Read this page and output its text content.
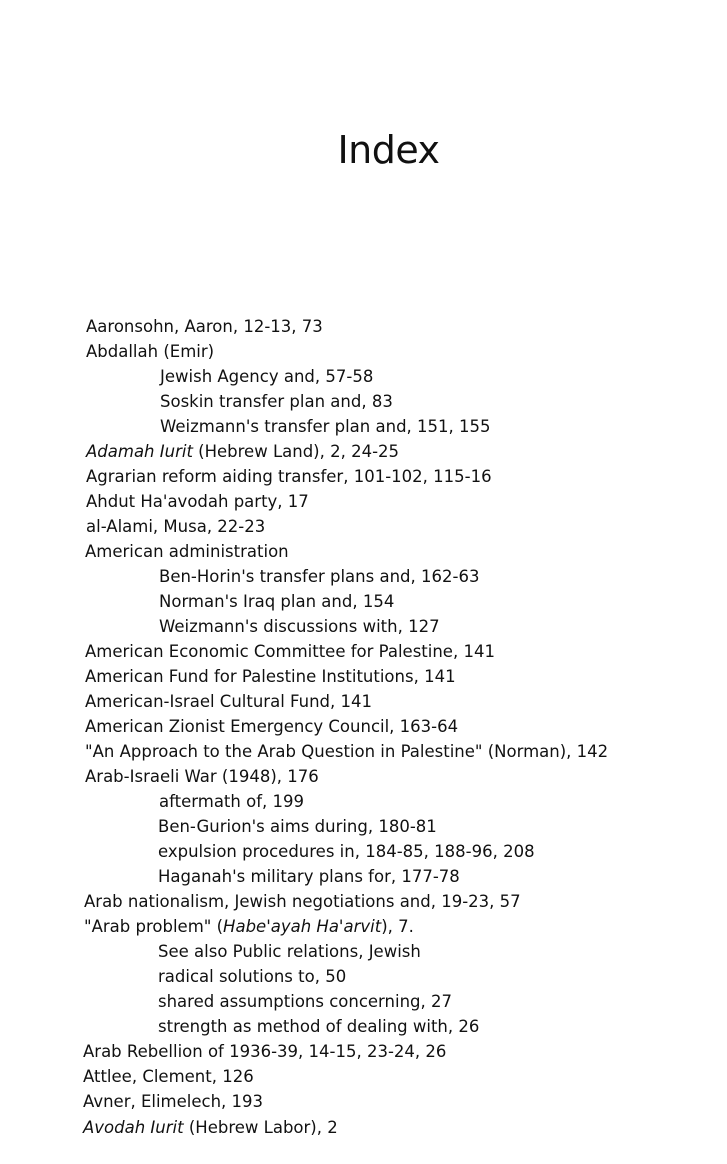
Index
Aaronsohn, Aaron, 12-13, 73
Abdallah (Emir)
Jewish Agency and, 57-58
Soskin transfer plan and, 83
Weizmann's transfer plan and, 151, 155
Adamah Iurit (Hebrew Land), 2, 24-25
Agrarian reform aiding transfer, 101-102, 115-16
Ahdut Ha'avodah party, 17
al-Alami, Musa, 22-23
American administration
Ben-Horin's transfer plans and, 162-63
Norman's Iraq plan and, 154
Weizmann's discussions with, 127
American Economic Committee for Palestine, 141
American Fund for Palestine Institutions, 141
American-Israel Cultural Fund, 141
American Zionist Emergency Council, 163-64
"An Approach to the Arab Question in Palestine" (Norman), 142
Arab-Israeli War (1948), 176
aftermath of, 199
Ben-Gurion's aims during, 180-81
expulsion procedures in, 184-85, 188-96, 208
Haganah's military plans for, 177-78
Arab nationalism, Jewish negotiations and, 19-23, 57
"Arab problem" (Habe'ayah Ha'arvit), 7.
See also Public relations, Jewish
radical solutions to, 50
shared assumptions concerning, 27
strength as method of dealing with, 26
Arab Rebellion of 1936-39, 14-15, 23-24, 26
Attlee, Clement, 126
Avner, Elimelech, 193
Avodah Iurit (Hebrew Labor), 2
